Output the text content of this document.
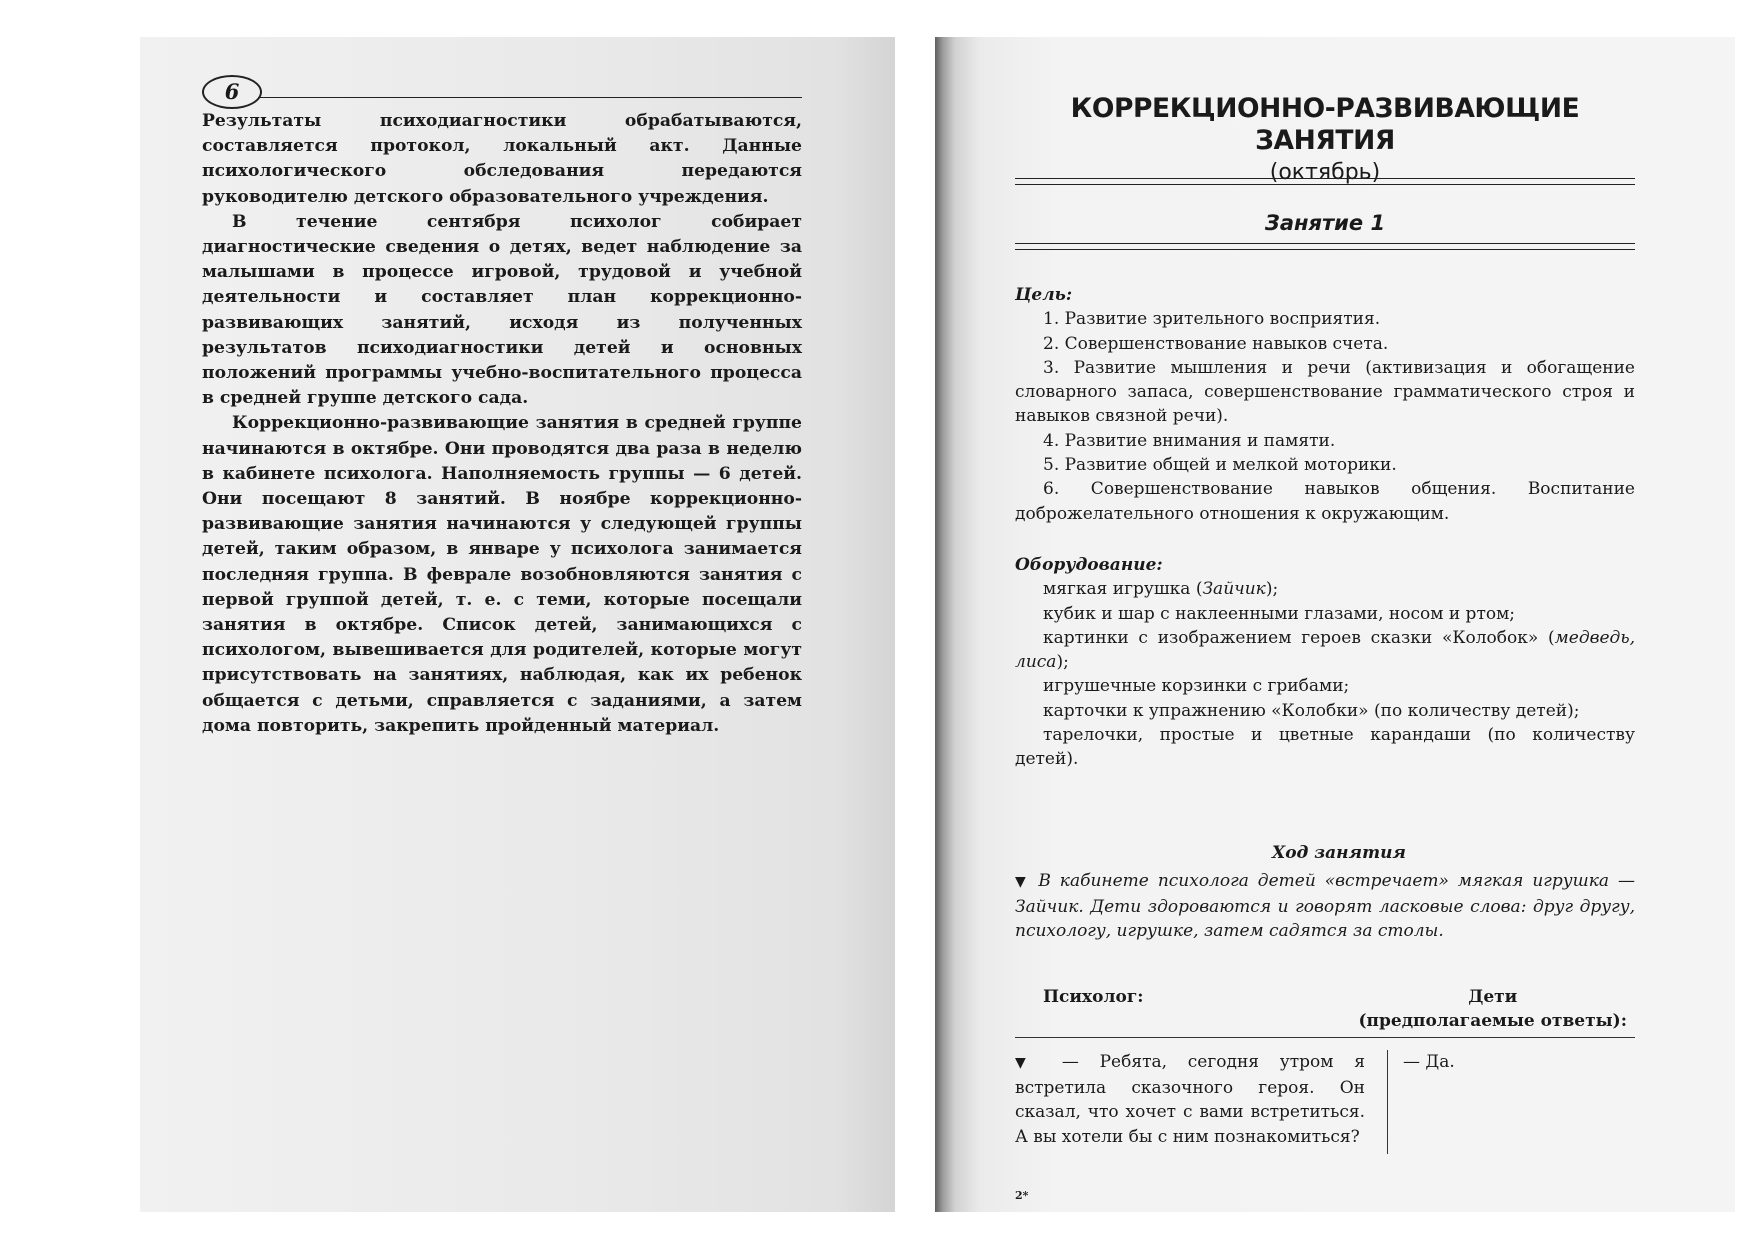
6

Результаты психодиагностики обрабатываются, составляется протокол, локальный акт. Данные психологического обследования передаются руководителю детского образовательного учреждения.

В течение сентября психолог собирает диагностические сведения о детях, ведет наблюдение за малышами в процессе игровой, трудовой и учебной деятельности и составляет план коррекционно-развивающих занятий, исходя из полученных результатов психодиагностики детей и основных положений программы учебно-воспитательного процесса в средней группе детского сада.

Коррекционно-развивающие занятия в средней группе начинаются в октябре. Они проводятся два раза в неделю в кабинете психолога. Наполняемость группы — 6 детей. Они посещают 8 занятий. В ноябре коррекционно-развивающие занятия начинаются у следующей группы детей, таким образом, в январе у психолога занимается последняя группа. В феврале возобновляются занятия с первой группой детей, т. е. с теми, которые посещали занятия в октябре. Список детей, занимающихся с психологом, вывешивается для родителей, которые могут присутствовать на занятиях, наблюдая, как их ребенок общается с детьми, справляется с заданиями, а затем дома повторить, закрепить пройденный материал.

КОРРЕКЦИОННО-РАЗВИВАЮЩИЕ ЗАНЯТИЯ
(октябрь)
Занятие 1

Цель:

1. Развитие зрительного восприятия.

2. Совершенствование навыков счета.

3. Развитие мышления и речи (активизация и обогащение словарного запаса, совершенствование грамматического строя и навыков связной речи).

4. Развитие внимания и памяти.

5. Развитие общей и мелкой моторики.

6. Совершенствование навыков общения. Воспитание доброжелательного отношения к окружающим.

Оборудование:

мягкая игрушка (Зайчик);

кубик и шар с наклеенными глазами, носом и ртом;

картинки с изображением героев сказки «Колобок» (медведь, лиса);

игрушечные корзинки с грибами;

карточки к упражнению «Колобки» (по количеству детей);

тарелочки, простые и цветные карандаши (по количеству детей).

Ход занятия

▼ В кабинете психолога детей «встречает» мягкая игрушка — Зайчик. Дети здороваются и говорят ласковые слова: друг другу, психологу, игрушке, затем садятся за столы.

Психолог:	Дети
(предполагаемые ответы):
▼ — Ребята, сегодня утром я встретила сказочного героя. Он сказал, что хочет с вами встретиться. А вы хотели бы с ним познакомиться?
— Да.
2*
